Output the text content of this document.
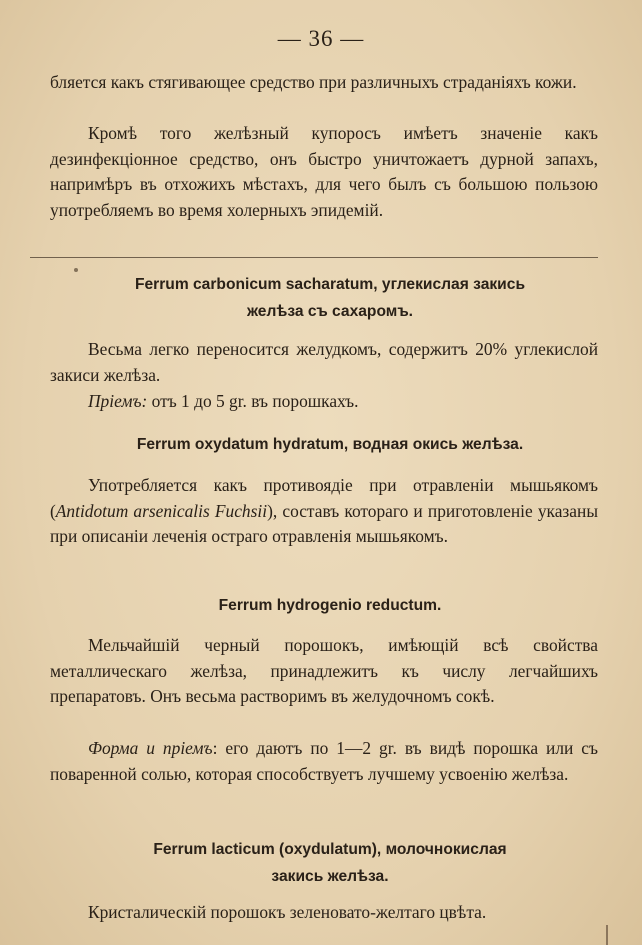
— 36 —

бляется какъ стягивающее средство при различныхъ страданiяхъ кожи.

Кромѣ того желѣзный купоросъ имѣетъ значенiе какъ дезинфекцiонное средство, онъ быстро уничтожаетъ дурной запахъ, напримѣръ въ отхожихъ мѣстахъ, для чего былъ съ большою пользою употребляемъ во время холерныхъ эпидемiй.

Ferrum carbonicum sacharatum, углекислая закись
желѣза съ сахаромъ.

Весьма легко переносится желудкомъ, содержитъ 20% углекислой закиси желѣза.

Прiемъ: отъ 1 до 5 gr. въ порошкахъ.

Ferrum oxydatum hydratum, водная окись желѣза.

Употребляется какъ противоядiе при отравленiи мышьякомъ (Antidotum arsenicalis Fuchsii), составъ котораго и приготовленiе указаны при описанiи леченiя остраго отравленiя мышьякомъ.

Ferrum hydrogenio reductum.

Мельчайшiй черный порошокъ, имѣющiй всѣ свойства металлическаго желѣза, принадлежитъ къ числу легчайшихъ препаратовъ. Онъ весьма растворимъ въ желудочномъ сокѣ.

Форма и прiемъ: его даютъ по 1—2 gr. въ видѣ порошка или съ поваренной солью, которая способствуетъ лучшему усвоенiю желѣза.

Ferrum lacticum (oxydulatum), молочнокислая
закись желѣза.

Кристалическiй порошокъ зеленовато-желтаго цвѣта.
